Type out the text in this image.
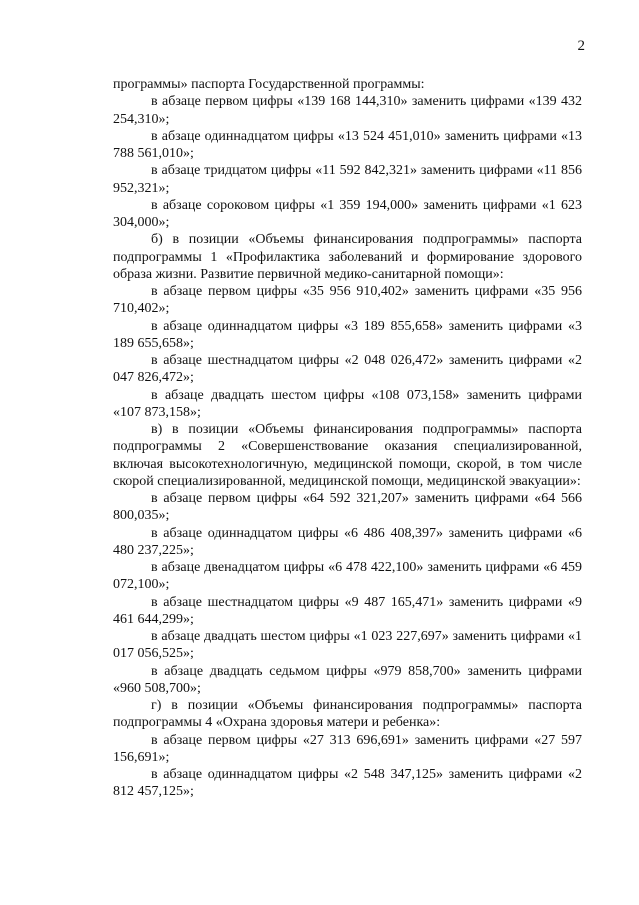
2

программы» паспорта Государственной программы:

в абзаце первом цифры «139 168 144,310» заменить цифрами «139 432 254,310»;

в абзаце одиннадцатом цифры «13 524 451,010» заменить цифрами «13 788 561,010»;

в абзаце тридцатом цифры «11 592 842,321» заменить цифрами «11 856 952,321»;

в абзаце сороковом цифры «1 359 194,000» заменить цифрами «1 623 304,000»;

б) в позиции «Объемы финансирования подпрограммы» паспорта подпрограммы 1 «Профилактика заболеваний и формирование здорового образа жизни. Развитие первичной медико-санитарной помощи»:

в абзаце первом цифры «35 956 910,402» заменить цифрами «35 956 710,402»;

в абзаце одиннадцатом цифры «3 189 855,658» заменить цифрами «3 189 655,658»;

в абзаце шестнадцатом цифры «2 048 026,472» заменить цифрами «2 047 826,472»;

в абзаце двадцать шестом цифры «108 073,158» заменить цифрами «107 873,158»;

в) в позиции «Объемы финансирования подпрограммы» паспорта подпрограммы 2 «Совершенствование оказания специализированной, включая высокотехнологичную, медицинской помощи, скорой, в том числе скорой специализированной, медицинской помощи, медицинской эвакуации»:

в абзаце первом цифры «64 592 321,207» заменить цифрами «64 566 800,035»;

в абзаце одиннадцатом цифры «6 486 408,397» заменить цифрами «6 480 237,225»;

в абзаце двенадцатом цифры «6 478 422,100» заменить цифрами «6 459 072,100»;

в абзаце шестнадцатом цифры «9 487 165,471» заменить цифрами «9 461 644,299»;

в абзаце двадцать шестом цифры «1 023 227,697» заменить цифрами «1 017 056,525»;

в абзаце двадцать седьмом цифры «979 858,700» заменить цифрами «960 508,700»;

г) в позиции «Объемы финансирования подпрограммы» паспорта подпрограммы 4 «Охрана здоровья матери и ребенка»:

в абзаце первом цифры «27 313 696,691» заменить цифрами «27 597 156,691»;

в абзаце одиннадцатом цифры «2 548 347,125» заменить цифрами «2 812 457,125»;
